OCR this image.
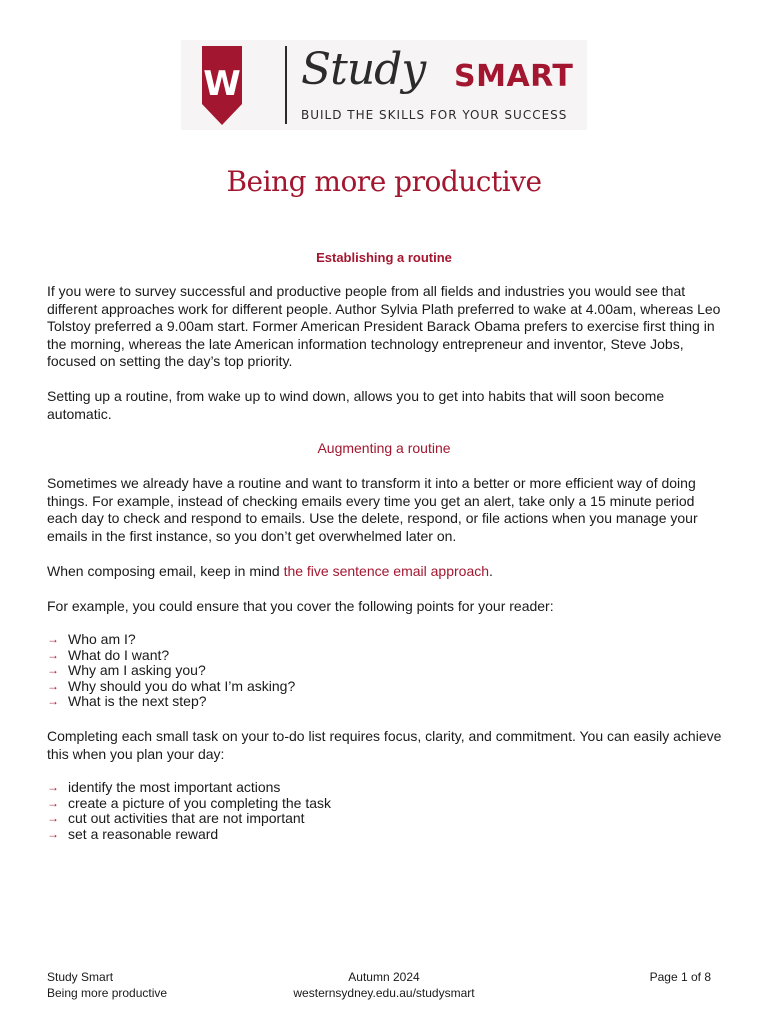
W Study SMART
BUILD THE SKILLS FOR YOUR SUCCESS
Being more productive
Establishing a routine

If you were to survey successful and productive people from all fields and industries you would see that different approaches work for different people. Author Sylvia Plath preferred to wake at 4.00am, whereas Leo Tolstoy preferred a 9.00am start. Former American President Barack Obama prefers to exercise first thing in the morning, whereas the late American information technology entrepreneur and inventor, Steve Jobs, focused on setting the day’s top priority.

Setting up a routine, from wake up to wind down, allows you to get into habits that will soon become automatic.

Augmenting a routine

Sometimes we already have a routine and want to transform it into a better or more efficient way of doing things. For example, instead of checking emails every time you get an alert, take only a 15 minute period each day to check and respond to emails. Use the delete, respond, or file actions when you manage your emails in the first instance, so you don’t get overwhelmed later on.

When composing email, keep in mind the five sentence email approach.

For example, you could ensure that you cover the following points for your reader:

→ Who am I?
→ What do I want?
→ Why am I asking you?
→ Why should you do what I’m asking?
→ What is the next step?

Completing each small task on your to-do list requires focus, clarity, and commitment. You can easily achieve this when you plan your day:

→ identify the most important actions
→ create a picture of you completing the task
→ cut out activities that are not important
→ set a reasonable reward
Study Smart
Being more productive
Autumn 2024
westernsydney.edu.au/studysmart
Page 1 of 8
